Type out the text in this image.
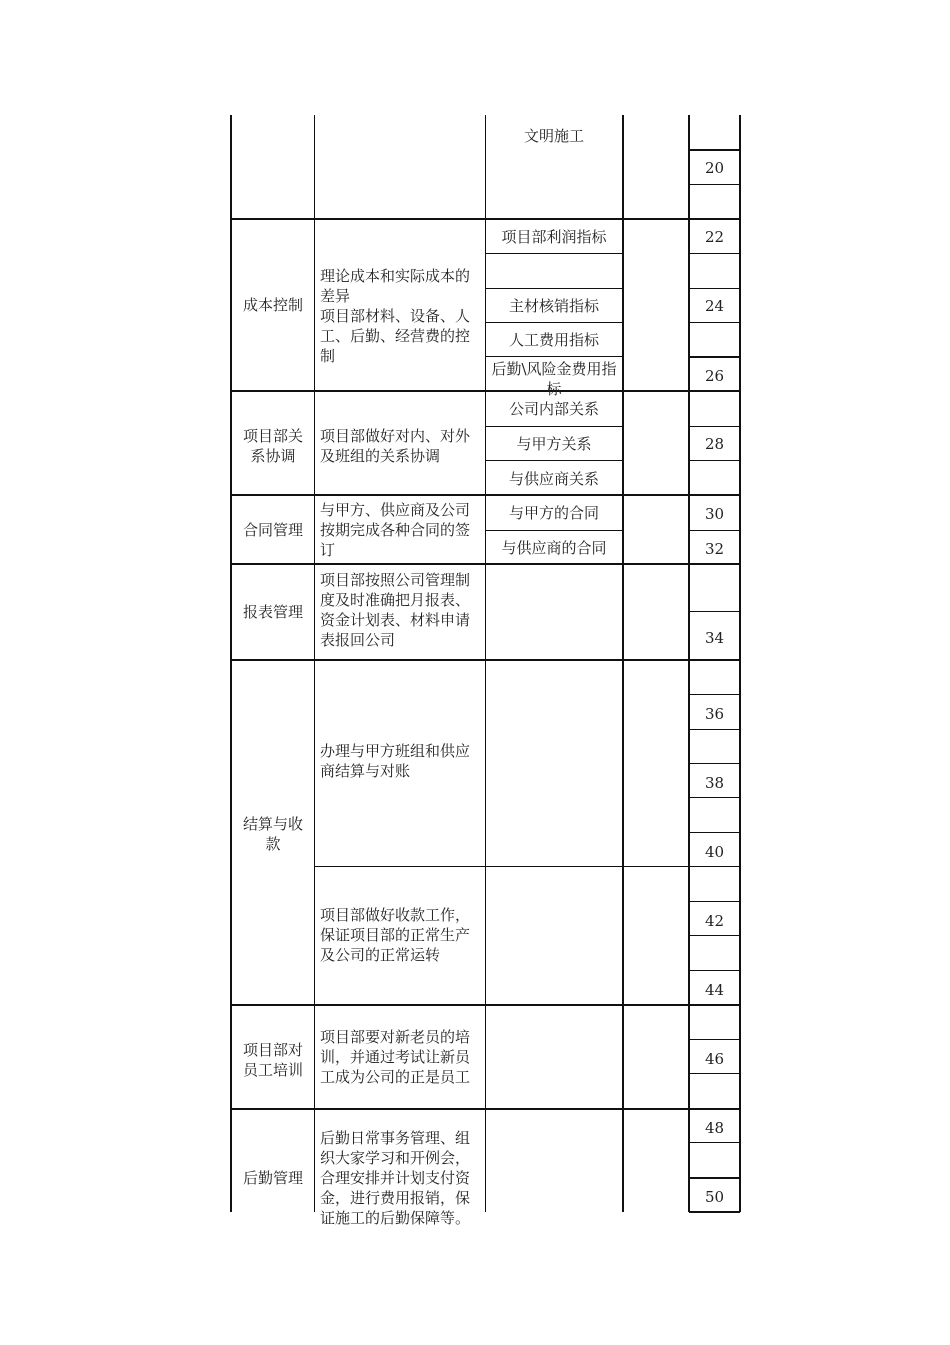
文明施工
20
成本控制
理论成本和实际成本的差异
项目部材料、设备、人工、后勤、经营费的控制
项目部利润指标
主材核销指标
人工费用指标
后勤\风险金费用指标
22
24
26
项目部关系协调
项目部做好对内、对外及班组的关系协调
公司内部关系
与甲方关系
与供应商关系
28
合同管理
与甲方、供应商及公司按期完成各种合同的签订
与甲方的合同
与供应商的合同
30
32
报表管理
项目部按照公司管理制度及时准确把月报表、资金计划表、材料申请表报回公司	34
结算与收款
办理与甲方班组和供应商结算与对账
项目部做好收款工作，保证项目部的正常生产及公司的正常运转
36
38
40
42
44
项目部对员工培训
项目部要对新老员的培训，并通过考试让新员工成为公司的正是员工
46
后勤管理
后勤日常事务管理、组织大家学习和开例会，合理安排并计划支付资金，进行费用报销，保证施工的后勤保障等。
48
50
